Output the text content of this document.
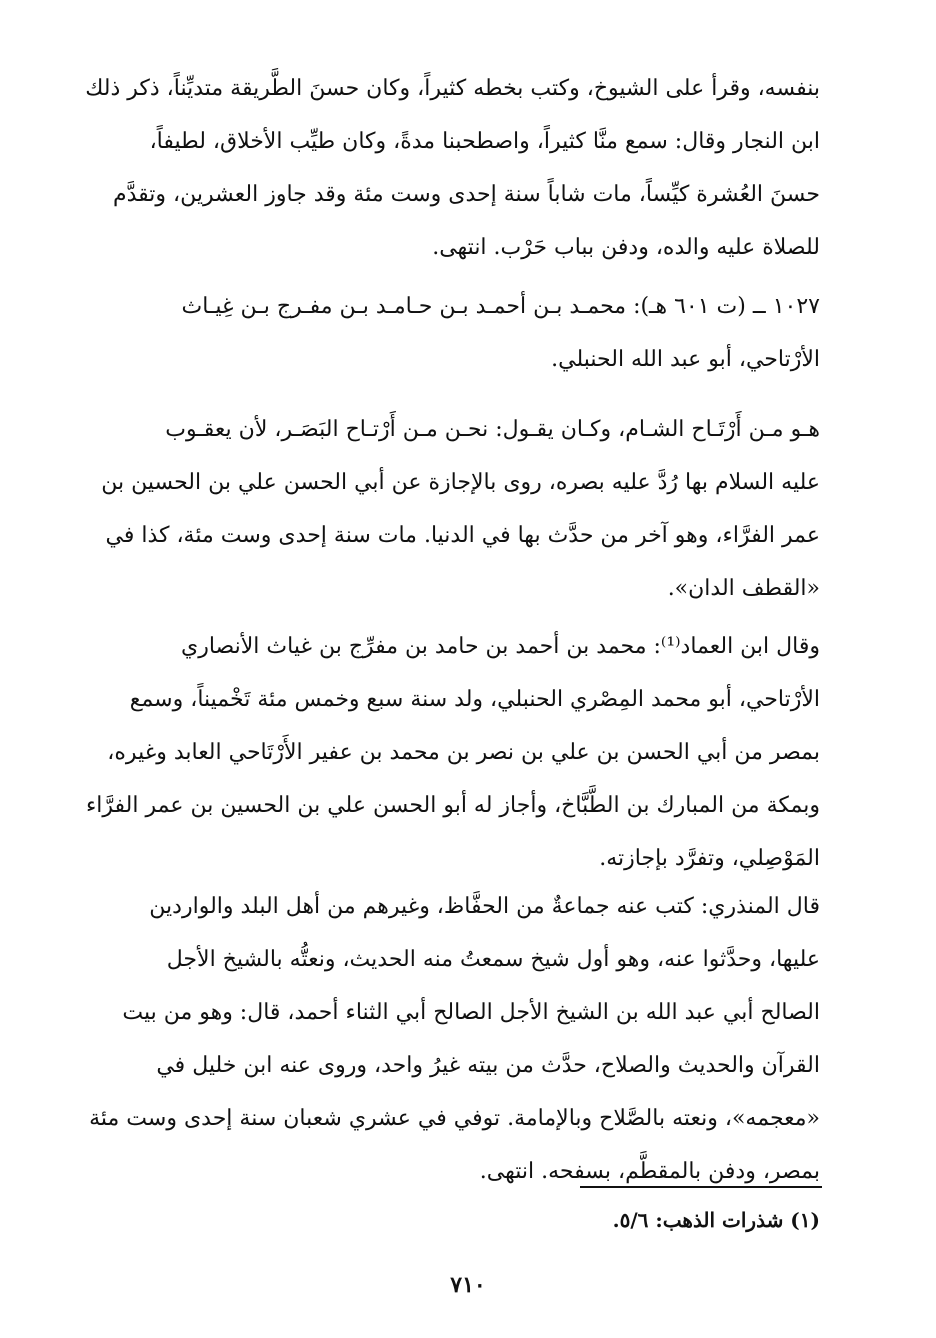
بنفسه، وقرأ على الشيوخ، وكتب بخطه كثيراً، وكان حسنَ الطَّريقة متديِّناً، ذكر ذلك
ابن النجار وقال: سمع منَّا كثيراً، واصطحبنا مدةً، وكان طيِّب الأخلاق، لطيفاً،
حسنَ العُشرة كيِّساً، مات شاباً سنة إحدى وست مئة وقد جاوز العشرين، وتقدَّم
للصلاة عليه والده، ودفن بباب حَرْب. انتهى.
١٠٢٧ ــ (ت ٦٠١ هـ): محمـد بـن أحمـد بـن حـامـد بـن مفـرج بـن غِيـاث
الأرْتاحي، أبو عبد الله الحنبلي.
هـو مـن أَرْتَـاح الشـام، وكـان يقـول: نحـن مـن أَرْتـاح البَصَـر، لأن يعقـوب
عليه السلام بها رُدَّ عليه بصره، روى بالإجازة عن أبي الحسن علي بن الحسين بن
عمر الفرَّاء، وهو آخر من حدَّث بها في الدنيا. مات سنة إحدى وست مئة، كذا في
«القطف الدان».
وقال ابن العماد⁽¹⁾: محمد بن أحمد بن حامد بن مفرِّج بن غياث الأنصاري
الأرْتاحي، أبو محمد المِصْري الحنبلي، ولد سنة سبع وخمس مئة تَخْميناً، وسمع
بمصر من أبي الحسن بن علي بن نصر بن محمد بن عفير الأَرْتَاحي العابد وغيره،
وبمكة من المبارك بن الطَّبَّاخ، وأجاز له أبو الحسن علي بن الحسين بن عمر الفرَّاء
المَوْصِلي، وتفرَّد بإجازته.
قال المنذري: كتب عنه جماعةٌ من الحفَّاظ، وغيرهم من أهل البلد والواردين
عليها، وحدَّثوا عنه، وهو أول شيخ سمعتُ منه الحديث، ونعتُّه بالشيخ الأجل
الصالح أبي عبد الله بن الشيخ الأجل الصالح أبي الثناء أحمد، قال: وهو من بيت
القرآن والحديث والصلاح، حدَّث من بيته غيرُ واحد، وروى عنه ابن خليل في
«معجمه»، ونعته بالصَّلاح وبالإمامة. توفي في عشري شعبان سنة إحدى وست مئة
بمصر، ودفن بالمقطَّم، بسفحه. انتهى.
(١) شذرات الذهب: ٥/٦.
٧١٠
